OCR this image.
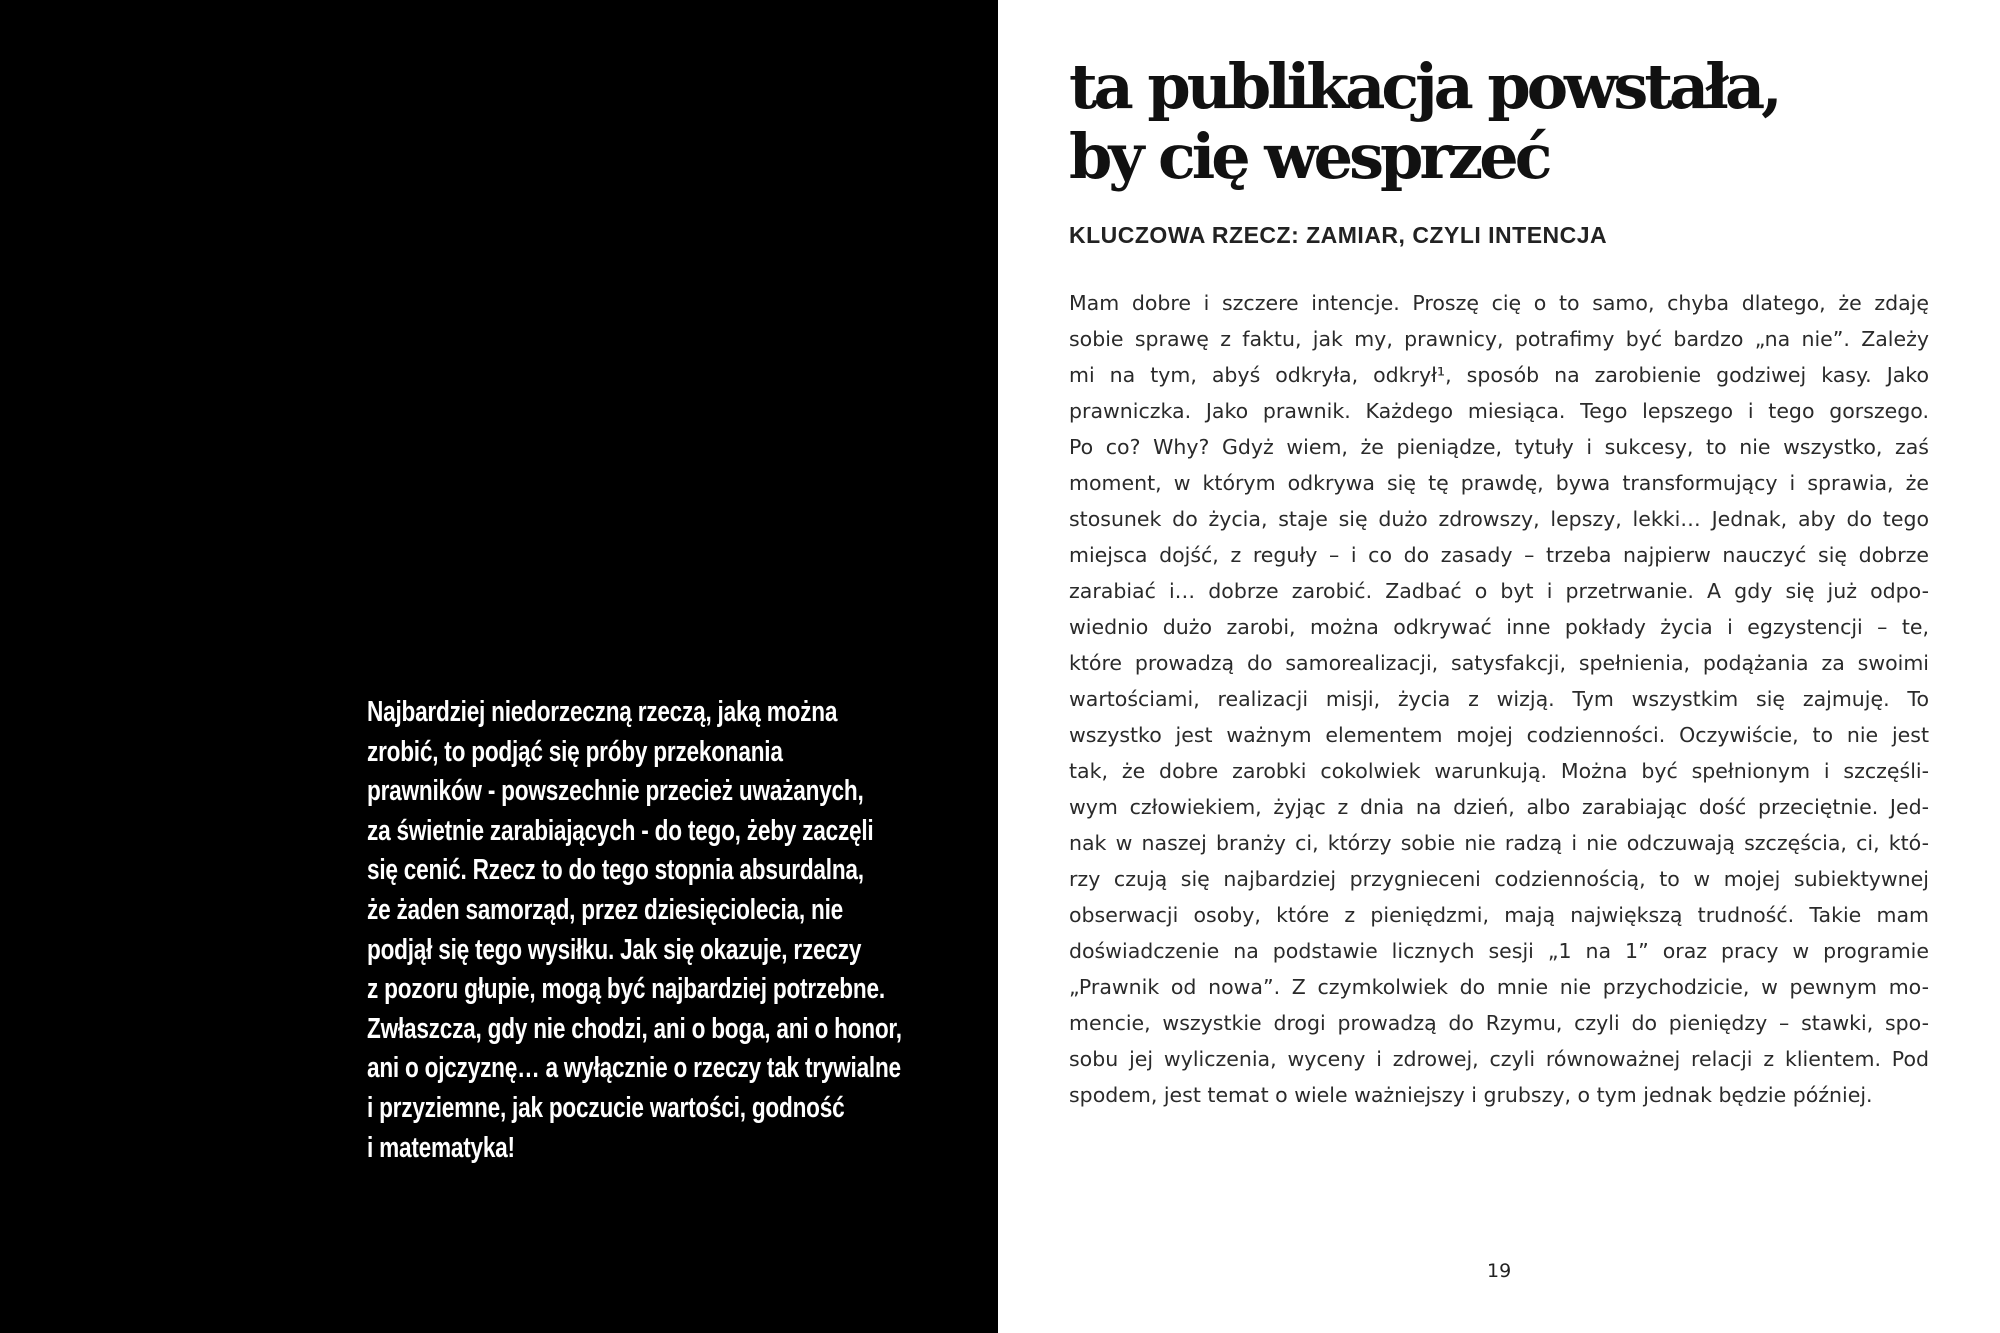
Najbardziej niedorzeczną rzeczą, jaką można
zrobić, to podjąć się próby przekonania
prawników - powszechnie przecież uważanych,
za świetnie zarabiających - do tego, żeby zaczęli
się cenić. Rzecz to do tego stopnia absurdalna,
że żaden samorząd, przez dziesięciolecia, nie
podjął się tego wysiłku. Jak się okazuje, rzeczy
z pozoru głupie, mogą być najbardziej potrzebne.
Zwłaszcza, gdy nie chodzi, ani o boga, ani o honor,
ani o ojczyznę… a wyłącznie o rzeczy tak trywialne
i przyziemne, jak poczucie wartości, godność
i matematyka!

ta publikacja powstała,
by cię wesprzeć
KLUCZOWA RZECZ: ZAMIAR, CZYLI INTENCJA

Mam dobre i szczere intencje. Proszę cię o to samo, chyba dlatego, że zdaję
sobie sprawę z faktu, jak my, prawnicy, potrafimy być bardzo „na nie”. Zależy
mi na tym, abyś odkryła, odkrył¹, sposób na zarobienie godziwej kasy. Jako
prawniczka. Jako prawnik. Każdego miesiąca. Tego lepszego i tego gorszego.
Po co? Why? Gdyż wiem, że pieniądze, tytuły i sukcesy, to nie wszystko, zaś
moment, w którym odkrywa się tę prawdę, bywa transformujący i sprawia, że
stosunek do życia, staje się dużo zdrowszy, lepszy, lekki… Jednak, aby do tego
miejsca dojść, z reguły – i co do zasady – trzeba najpierw nauczyć się dobrze
zarabiać i… dobrze zarobić. Zadbać o byt i przetrwanie. A gdy się już odpo-
wiednio dużo zarobi, można odkrywać inne pokłady życia i egzystencji – te,
które prowadzą do samorealizacji, satysfakcji, spełnienia, podążania za swoimi
wartościami, realizacji misji, życia z wizją. Tym wszystkim się zajmuję. To
wszystko jest ważnym elementem mojej codzienności. Oczywiście, to nie jest
tak, że dobre zarobki cokolwiek warunkują. Można być spełnionym i szczęśli-
wym człowiekiem, żyjąc z dnia na dzień, albo zarabiając dość przeciętnie. Jed-
nak w naszej branży ci, którzy sobie nie radzą i nie odczuwają szczęścia, ci, któ-
rzy czują się najbardziej przygnieceni codziennością, to w mojej subiektywnej
obserwacji osoby, które z pieniędzmi, mają największą trudność. Takie mam
doświadczenie na podstawie licznych sesji „1 na 1” oraz pracy w programie
„Prawnik od nowa”. Z czymkolwiek do mnie nie przychodzicie, w pewnym mo-
mencie, wszystkie drogi prowadzą do Rzymu, czyli do pieniędzy – stawki, spo-
sobu jej wyliczenia, wyceny i zdrowej, czyli równoważnej relacji z klientem. Pod
spodem, jest temat o wiele ważniejszy i grubszy, o tym jednak będzie później.

19
